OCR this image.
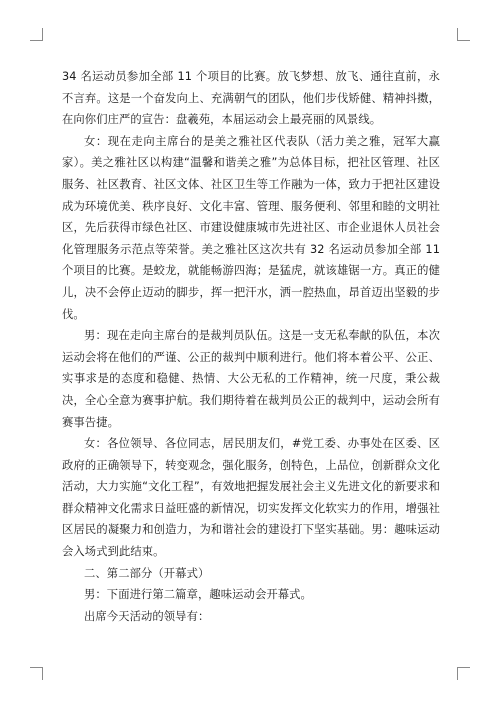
34 名运动员参加全部 11 个项目的比赛。放飞梦想、放飞、通往直前，永不言弃。这是一个奋发向上、充满朝气的团队，他们步伐矫健、精神抖擞，在向你们庄严的宣告：盘羲苑，本届运动会上最亮丽的风景线。

女：现在走向主席台的是美之雅社区代表队（活力美之雅，冠军大赢家）。美之雅社区以构建“温馨和谐美之雅”为总体目标，把社区管理、社区服务、社区教育、社区文体、社区卫生等工作融为一体，致力于把社区建设成为环境优美、秩序良好、文化丰富、管理、服务便利、邻里和睦的文明社区，先后获得市绿色社区、市建设健康城市先进社区、市企业退休人员社会化管理服务示范点等荣誉。美之雅社区这次共有 32 名运动员参加全部 11 个项目的比赛。是蛟龙，就能畅游四海；是猛虎，就该雄锯一方。真正的健儿，决不会停止迈动的脚步，挥一把汗水，洒一腔热血，昂首迈出坚毅的步伐。

男：现在走向主席台的是裁判员队伍。这是一支无私奉献的队伍，本次运动会将在他们的严谨、公正的裁判中顺利进行。他们将本着公平、公正、实事求是的态度和稳健、热情、大公无私的工作精神，统一尺度，秉公裁决，全心全意为赛事护航。我们期待着在裁判员公正的裁判中，运动会所有赛事告捷。

女：各位领导、各位同志，居民朋友们，#党工委、办事处在区委、区政府的正确领导下，转变观念，强化服务，创特色，上品位，创新群众文化活动，大力实施“文化工程”，有效地把握发展社会主义先进文化的新要求和群众精神文化需求日益旺盛的新情况，切实发挥文化软实力的作用，增强社区居民的凝聚力和创造力，为和谐社会的建设打下坚实基础。男：趣味运动会入场式到此结束。

二、第二部分（开幕式）

男：下面进行第二篇章，趣味运动会开幕式。

出席今天活动的领导有：
